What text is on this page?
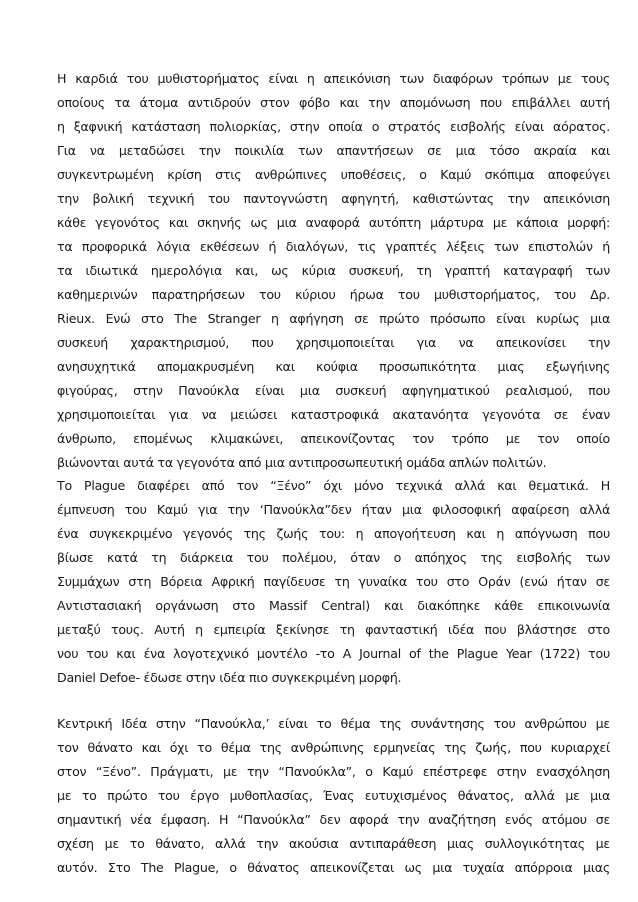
Η καρδιά του μυθιστορήματος είναι η απεικόνιση των διαφόρων τρόπων με τους
οποίους τα άτομα αντιδρούν στον φόβο και την απομόνωση που επιβάλλει αυτή
η ξαφνική κατάσταση πολιορκίας, στην οποία ο στρατός εισβολής είναι αόρατος.
Για να μεταδώσει την ποικιλία των απαντήσεων σε μια τόσο ακραία και
συγκεντρωμένη κρίση στις ανθρώπινες υποθέσεις, ο Καμύ σκόπιμα αποφεύγει
την βολική τεχνική του παντογνώστη αφηγητή, καθιστώντας την απεικόνιση
κάθε γεγονότος και σκηνής ως μια αναφορά αυτόπτη μάρτυρα με κάποια μορφή:
τα προφορικά λόγια εκθέσεων ή διαλόγων, τις γραπτές λέξεις των επιστολών ή
τα ιδιωτικά ημερολόγια και, ως κύρια συσκευή, τη γραπτή καταγραφή των
καθημερινών παρατηρήσεων του κύριου ήρωα του μυθιστορήματος, του Δρ.
Rieux. Ενώ στο The Stranger η αφήγηση σε πρώτο πρόσωπο είναι κυρίως μια
συσκευή χαρακτηρισμού, που χρησιμοποιείται για να απεικονίσει την
ανησυχητικά απομακρυσμένη και κούφια προσωπικότητα μιας εξωγήινης
φιγούρας, στην Πανούκλα είναι μια συσκευή αφηγηματικού ρεαλισμού, που
χρησιμοποιείται για να μειώσει καταστροφικά ακατανόητα γεγονότα σε έναν
άνθρωπο, επομένως κλιμακώνει, απεικονίζοντας τον τρόπο με τον οποίο
βιώνονται αυτά τα γεγονότα από μια αντιπροσωπευτική ομάδα απλών πολιτών.

Το Plague διαφέρει από τον “Ξένο” όχι μόνο τεχνικά αλλά και θεματικά. Η
έμπνευση του Καμύ για την ‘Πανούκλα”δεν ήταν μια φιλοσοφική αφαίρεση αλλά
ένα συγκεκριμένο γεγονός της ζωής του: η απογοήτευση και η απόγνωση που
βίωσε κατά τη διάρκεια του πολέμου, όταν ο απόηχος της εισβολής των
Συμμάχων στη Βόρεια Αφρική παγίδευσε τη γυναίκα του στο Οράν (ενώ ήταν σε
Αντιστασιακή οργάνωση στο Massif Central) και διακόπηκε κάθε επικοινωνία
μεταξύ τους. Αυτή η εμπειρία ξεκίνησε τη φανταστική ιδέα που βλάστησε στο
νου του και ένα λογοτεχνικό μοντέλο -το A Journal of the Plague Year (1722) του
Daniel Defoe- έδωσε στην ιδέα πιο συγκεκριμένη μορφή.

Κεντρική Ιδέα στην “Πανούκλα,’ είναι το θέμα της συνάντησης του ανθρώπου με
τον θάνατο και όχι το θέμα της ανθρώπινης ερμηνείας της ζωής, που κυριαρχεί
στον “Ξένο”. Πράγματι, με την “Πανούκλα”, ο Καμύ επέστρεφε στην ενασχόληση
με το πρώτο του έργο μυθοπλασίας, Ένας ευτυχισμένος θάνατος, αλλά με μια
σημαντική νέα έμφαση. Η “Πανούκλα” δεν αφορά την αναζήτηση ενός ατόμου σε
σχέση με το θάνατο, αλλά την ακούσια αντιπαράθεση μιας συλλογικότητας με
αυτόν. Στο The Plague, ο θάνατος απεικονίζεται ως μια τυχαία απόρροια μιας
